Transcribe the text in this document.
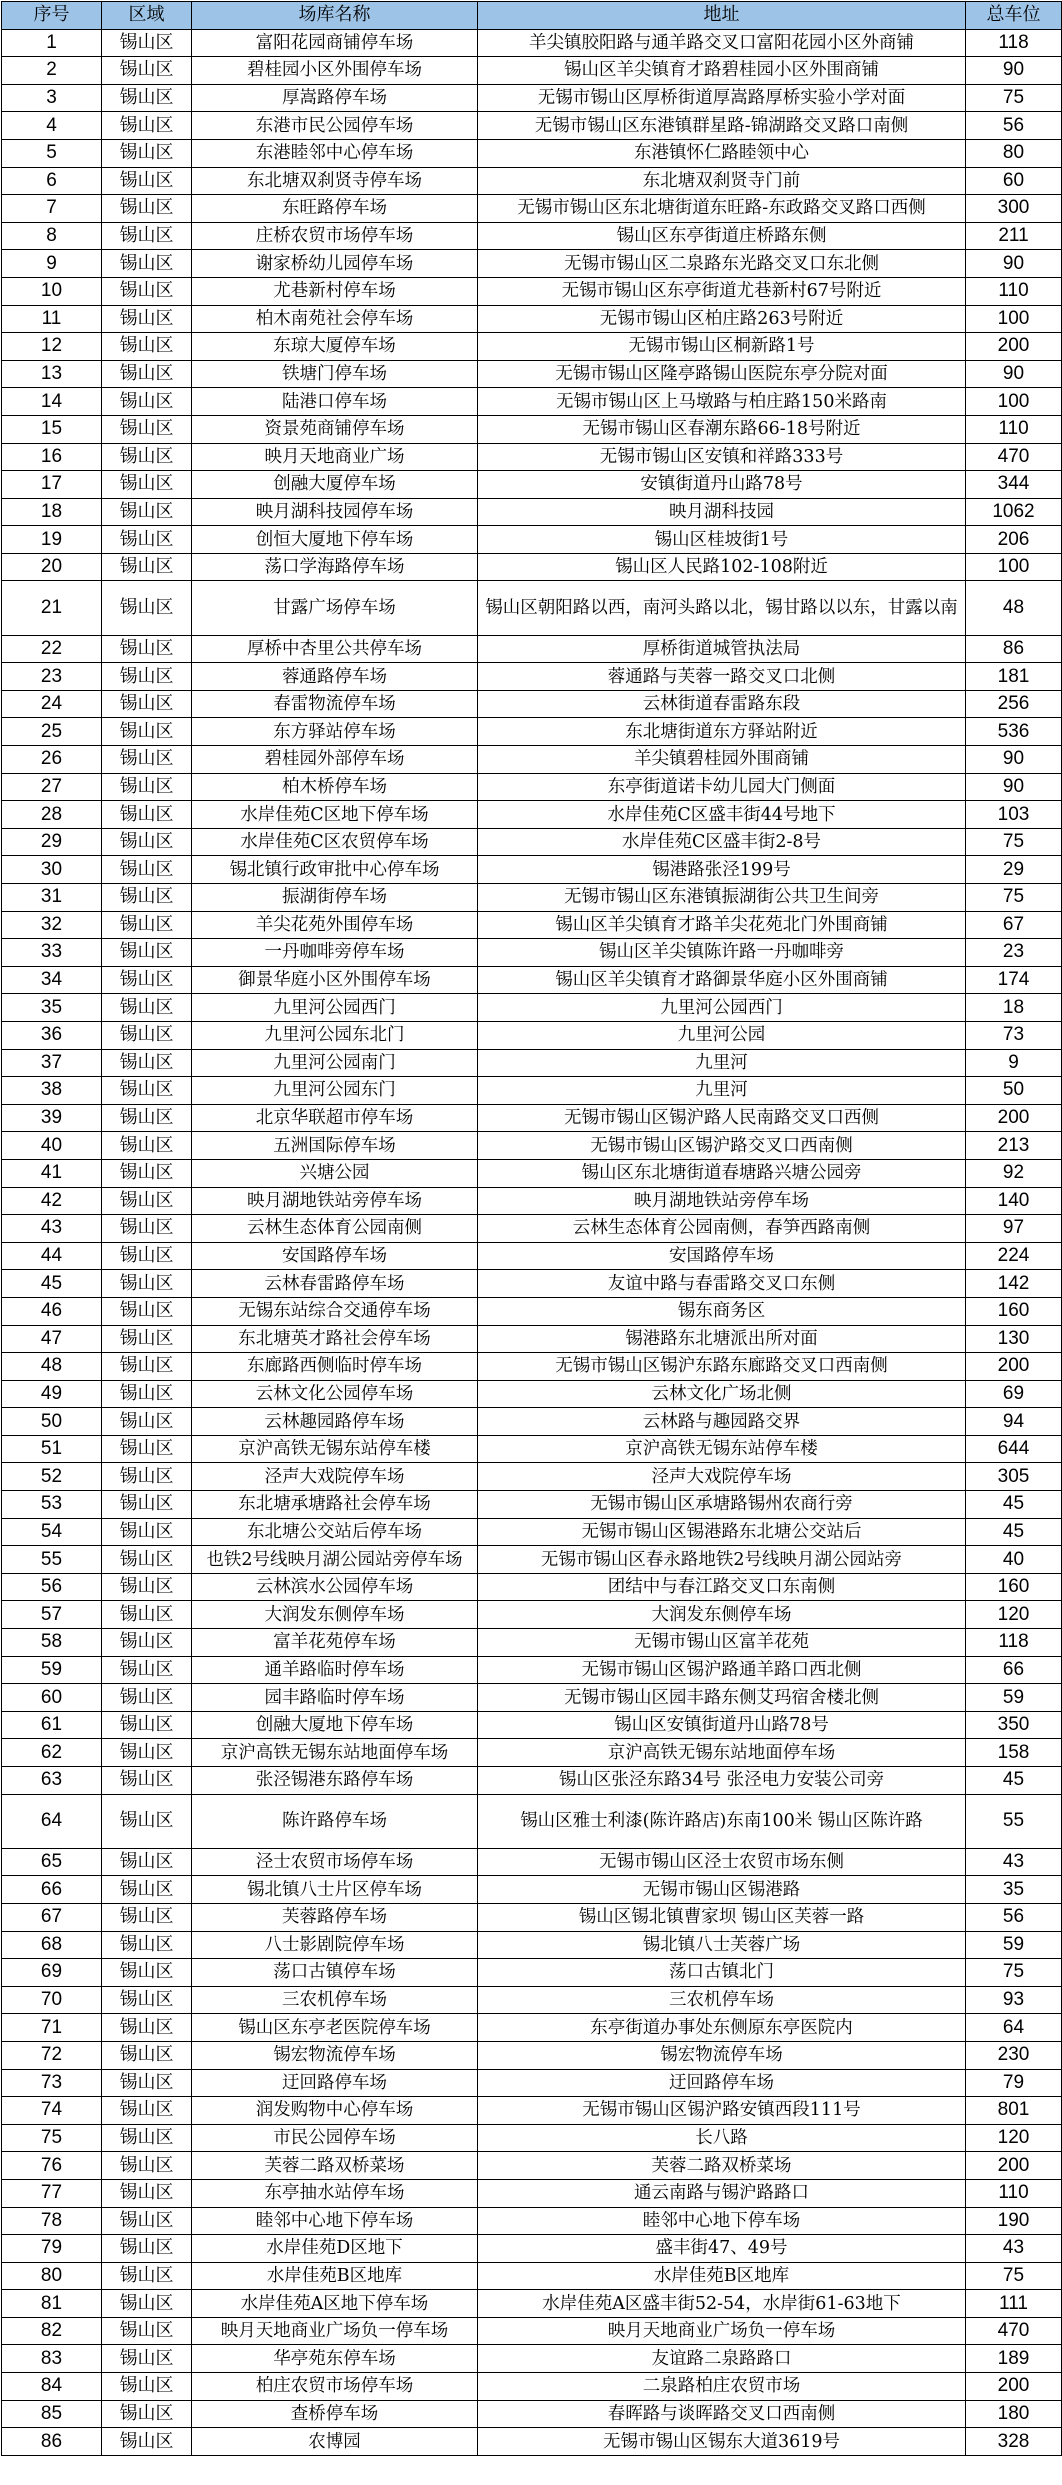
序号	区域	场库名称	地址	总车位
1	锡山区	富阳花园商铺停车场	羊尖镇胶阳路与通羊路交叉口富阳花园小区外商铺	118
2	锡山区	碧桂园小区外围停车场	锡山区羊尖镇育才路碧桂园小区外围商铺	90
3	锡山区	厚嵩路停车场	无锡市锡山区厚桥街道厚嵩路厚桥实验小学对面	75
4	锡山区	东港市民公园停车场	无锡市锡山区东港镇群星路-锦湖路交叉路口南侧	56
5	锡山区	东港睦邻中心停车场	东港镇怀仁路睦领中心	80
6	锡山区	东北塘双刹贤寺停车场	东北塘双刹贤寺门前	60
7	锡山区	东旺路停车场	无锡市锡山区东北塘街道东旺路-东政路交叉路口西侧	300
8	锡山区	庄桥农贸市场停车场	锡山区东亭街道庄桥路东侧	211
9	锡山区	谢家桥幼儿园停车场	无锡市锡山区二泉路东光路交叉口东北侧	90
10	锡山区	尤巷新村停车场	无锡市锡山区东亭街道尤巷新村67号附近	110
11	锡山区	柏木南苑社会停车场	无锡市锡山区柏庄路263号附近	100
12	锡山区	东琼大厦停车场	无锡市锡山区桐新路1号	200
13	锡山区	铁塘门停车场	无锡市锡山区隆亭路锡山医院东亭分院对面	90
14	锡山区	陆港口停车场	无锡市锡山区上马墩路与柏庄路150米路南	100
15	锡山区	资景苑商铺停车场	无锡市锡山区春潮东路66-18号附近	110
16	锡山区	映月天地商业广场	无锡市锡山区安镇和祥路333号	470
17	锡山区	创融大厦停车场	安镇街道丹山路78号	344
18	锡山区	映月湖科技园停车场	映月湖科技园	1062
19	锡山区	创恒大厦地下停车场	锡山区桂坡街1号	206
20	锡山区	荡口学海路停车场	锡山区人民路102-108附近	100
21	锡山区	甘露广场停车场	锡山区朝阳路以西，南河头路以北，锡甘路以以东，甘露以南	48
22	锡山区	厚桥中杏里公共停车场	厚桥街道城管执法局	86
23	锡山区	蓉通路停车场	蓉通路与芙蓉一路交叉口北侧	181
24	锡山区	春雷物流停车场	云林街道春雷路东段	256
25	锡山区	东方驿站停车场	东北塘街道东方驿站附近	536
26	锡山区	碧桂园外部停车场	羊尖镇碧桂园外围商铺	90
27	锡山区	柏木桥停车场	东亭街道诺卡幼儿园大门侧面	90
28	锡山区	水岸佳苑C区地下停车场	水岸佳苑C区盛丰街44号地下	103
29	锡山区	水岸佳苑C区农贸停车场	水岸佳苑C区盛丰街2-8号	75
30	锡山区	锡北镇行政审批中心停车场	锡港路张泾199号	29
31	锡山区	振湖街停车场	无锡市锡山区东港镇振湖街公共卫生间旁	75
32	锡山区	羊尖花苑外围停车场	锡山区羊尖镇育才路羊尖花苑北门外围商铺	67
33	锡山区	一丹咖啡旁停车场	锡山区羊尖镇陈许路一丹咖啡旁	23
34	锡山区	御景华庭小区外围停车场	锡山区羊尖镇育才路御景华庭小区外围商铺	174
35	锡山区	九里河公园西门	九里河公园西门	18
36	锡山区	九里河公园东北门	九里河公园	73
37	锡山区	九里河公园南门	九里河	9
38	锡山区	九里河公园东门	九里河	50
39	锡山区	北京华联超市停车场	无锡市锡山区锡沪路人民南路交叉口西侧	200
40	锡山区	五洲国际停车场	无锡市锡山区锡沪路交叉口西南侧	213
41	锡山区	兴塘公园	锡山区东北塘街道春塘路兴塘公园旁	92
42	锡山区	映月湖地铁站旁停车场	映月湖地铁站旁停车场	140
43	锡山区	云林生态体育公园南侧	云林生态体育公园南侧，春笋西路南侧	97
44	锡山区	安国路停车场	安国路停车场	224
45	锡山区	云林春雷路停车场	友谊中路与春雷路交叉口东侧	142
46	锡山区	无锡东站综合交通停车场	锡东商务区	160
47	锡山区	东北塘英才路社会停车场	锡港路东北塘派出所对面	130
48	锡山区	东廊路西侧临时停车场	无锡市锡山区锡沪东路东廊路交叉口西南侧	200
49	锡山区	云林文化公园停车场	云林文化广场北侧	69
50	锡山区	云林趣园路停车场	云林路与趣园路交界	94
51	锡山区	京沪高铁无锡东站停车楼	京沪高铁无锡东站停车楼	644
52	锡山区	泾声大戏院停车场	泾声大戏院停车场	305
53	锡山区	东北塘承塘路社会停车场	无锡市锡山区承塘路锡州农商行旁	45
54	锡山区	东北塘公交站后停车场	无锡市锡山区锡港路东北塘公交站后	45
55	锡山区	也铁2号线映月湖公园站旁停车场	无锡市锡山区春永路地铁2号线映月湖公园站旁	40
56	锡山区	云林滨水公园停车场	团结中与春江路交叉口东南侧	160
57	锡山区	大润发东侧停车场	大润发东侧停车场	120
58	锡山区	富羊花苑停车场	无锡市锡山区富羊花苑	118
59	锡山区	通羊路临时停车场	无锡市锡山区锡沪路通羊路口西北侧	66
60	锡山区	园丰路临时停车场	无锡市锡山区园丰路东侧艾玛宿舍楼北侧	59
61	锡山区	创融大厦地下停车场	锡山区安镇街道丹山路78号	350
62	锡山区	京沪高铁无锡东站地面停车场	京沪高铁无锡东站地面停车场	158
63	锡山区	张泾锡港东路停车场	锡山区张泾东路34号 张泾电力安装公司旁	45
64	锡山区	陈许路停车场	锡山区雅士利漆(陈许路店)东南100米 锡山区陈许路	55
65	锡山区	泾士农贸市场停车场	无锡市锡山区泾士农贸市场东侧	43
66	锡山区	锡北镇八士片区停车场	无锡市锡山区锡港路	35
67	锡山区	芙蓉路停车场	锡山区锡北镇曹家坝 锡山区芙蓉一路	56
68	锡山区	八士影剧院停车场	锡北镇八士芙蓉广场	59
69	锡山区	荡口古镇停车场	荡口古镇北门	75
70	锡山区	三农机停车场	三农机停车场	93
71	锡山区	锡山区东亭老医院停车场	东亭街道办事处东侧原东亭医院内	64
72	锡山区	锡宏物流停车场	锡宏物流停车场	230
73	锡山区	迂回路停车场	迂回路停车场	79
74	锡山区	润发购物中心停车场	无锡市锡山区锡沪路安镇西段111号	801
75	锡山区	市民公园停车场	长八路	120
76	锡山区	芙蓉二路双桥菜场	芙蓉二路双桥菜场	200
77	锡山区	东亭抽水站停车场	通云南路与锡沪路路口	110
78	锡山区	睦邻中心地下停车场	睦邻中心地下停车场	190
79	锡山区	水岸佳苑D区地下	盛丰街47、49号	43
80	锡山区	水岸佳苑B区地库	水岸佳苑B区地库	75
81	锡山区	水岸佳苑A区地下停车场	水岸佳苑A区盛丰街52-54，水岸街61-63地下	111
82	锡山区	映月天地商业广场负一停车场	映月天地商业广场负一停车场	470
83	锡山区	华亭苑东停车场	友谊路二泉路路口	189
84	锡山区	柏庄农贸市场停车场	二泉路柏庄农贸市场	200
85	锡山区	查桥停车场	春晖路与谈晖路交叉口西南侧	180
86	锡山区	农博园	无锡市锡山区锡东大道3619号	328
